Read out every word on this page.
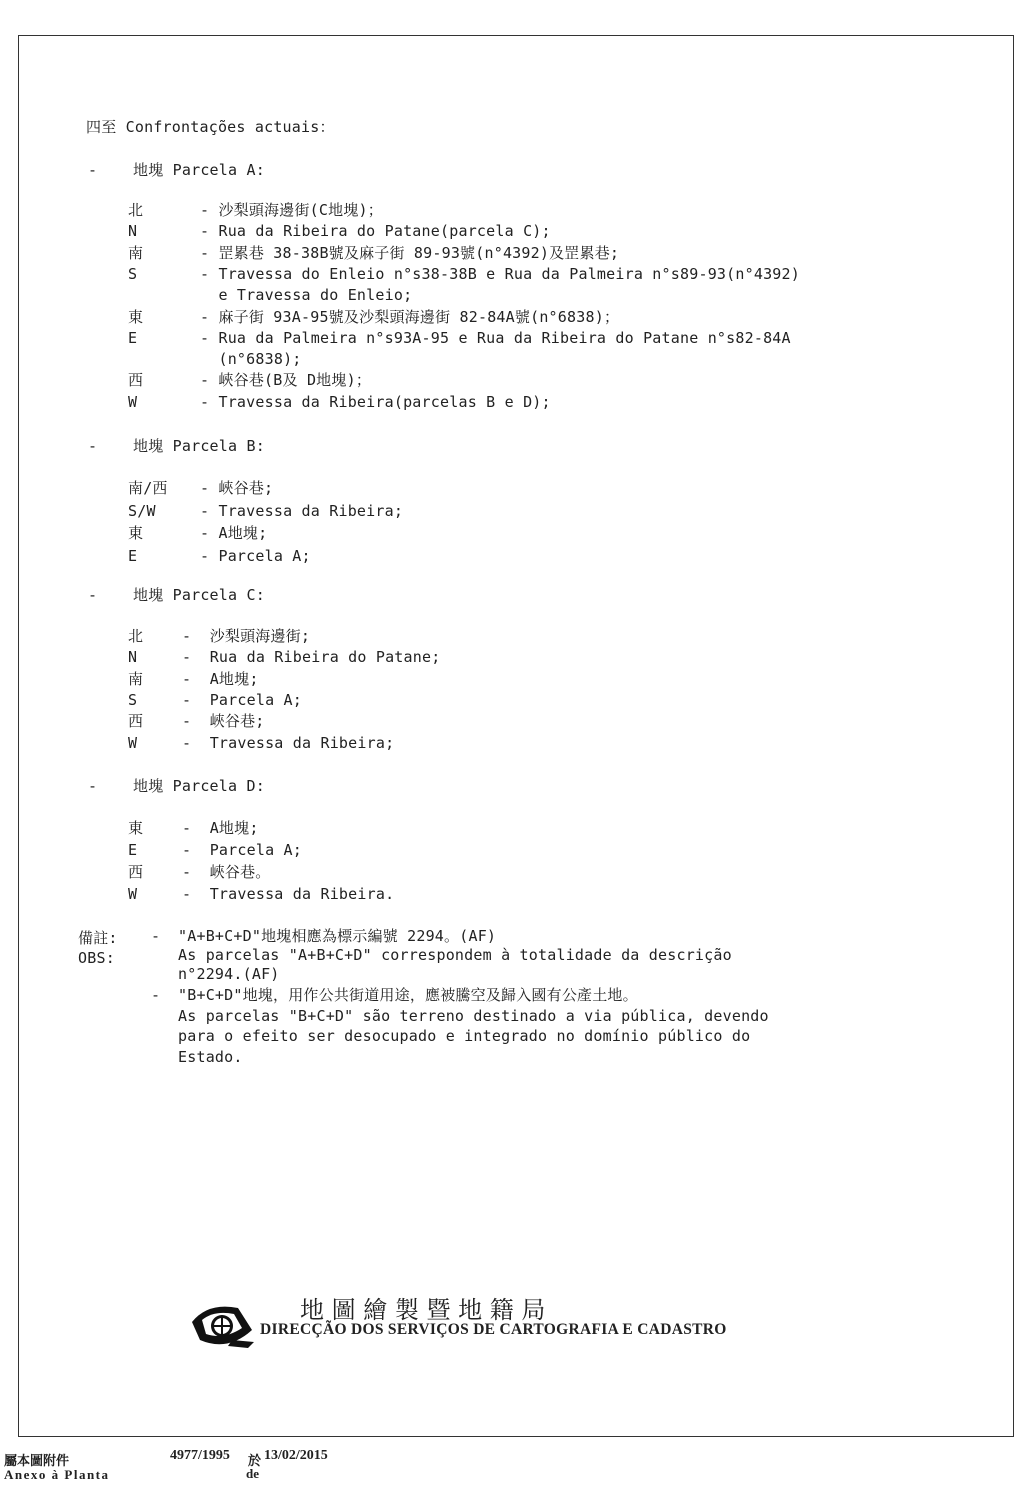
四至 Confrontações actuais：
- 地塊 Parcela A:
北	- 沙梨頭海邊街(C地塊)；
N	- Rua da Ribeira do Patane(parcela C);
南	- 罡累巷 38-38B號及麻子街 89-93號(n°4392)及罡累巷;
S	- Travessa do Enleio n°s38-38B e Rua da Palmeira n°s89-93(n°4392)
e Travessa do Enleio;
東	- 麻子街 93A-95號及沙梨頭海邊街 82-84A號(n°6838)；
E	- Rua da Palmeira n°s93A-95 e Rua da Ribeira do Patane n°s82-84A
(n°6838);
西	- 峽谷巷(B及 D地塊)；
W	- Travessa da Ribeira(parcelas B e D);
- 地塊 Parcela B:
南/西 - 峽谷巷;
S/W	- Travessa da Ribeira;
東	- A地塊;
E	- Parcela A;
- 地塊 Parcela C:
北	-  沙梨頭海邊街;
N	-  Rua da Ribeira do Patane;
南	-  A地塊;
S	-  Parcela A;
西	-  峽谷巷;
W	-  Travessa da Ribeira;
- 地塊 Parcela D:
東	-  A地塊;
E	-  Parcela A;
西	-  峽谷巷。
W	-  Travessa da Ribeira.
備註:
OBS:
- "A+B+C+D"地塊相應為標示編號 2294。(AF)
As parcelas "A+B+C+D" correspondem à totalidade da descrição
n°2294.(AF)
- "B+C+D"地塊，用作公共街道用途，應被騰空及歸入國有公產土地。
As parcelas "B+C+D" são terreno destinado a via pública, devendo
para o efeito ser desocupado e integrado no domínio público do
Estado.
地 圖 繪 製 暨 地 籍 局
DIRECÇÃO DOS SERVIÇOS DE CARTOGRAFIA E CADASTRO
屬本圖附件
Anexo à Planta
4977/1995 於
de
13/02/2015
